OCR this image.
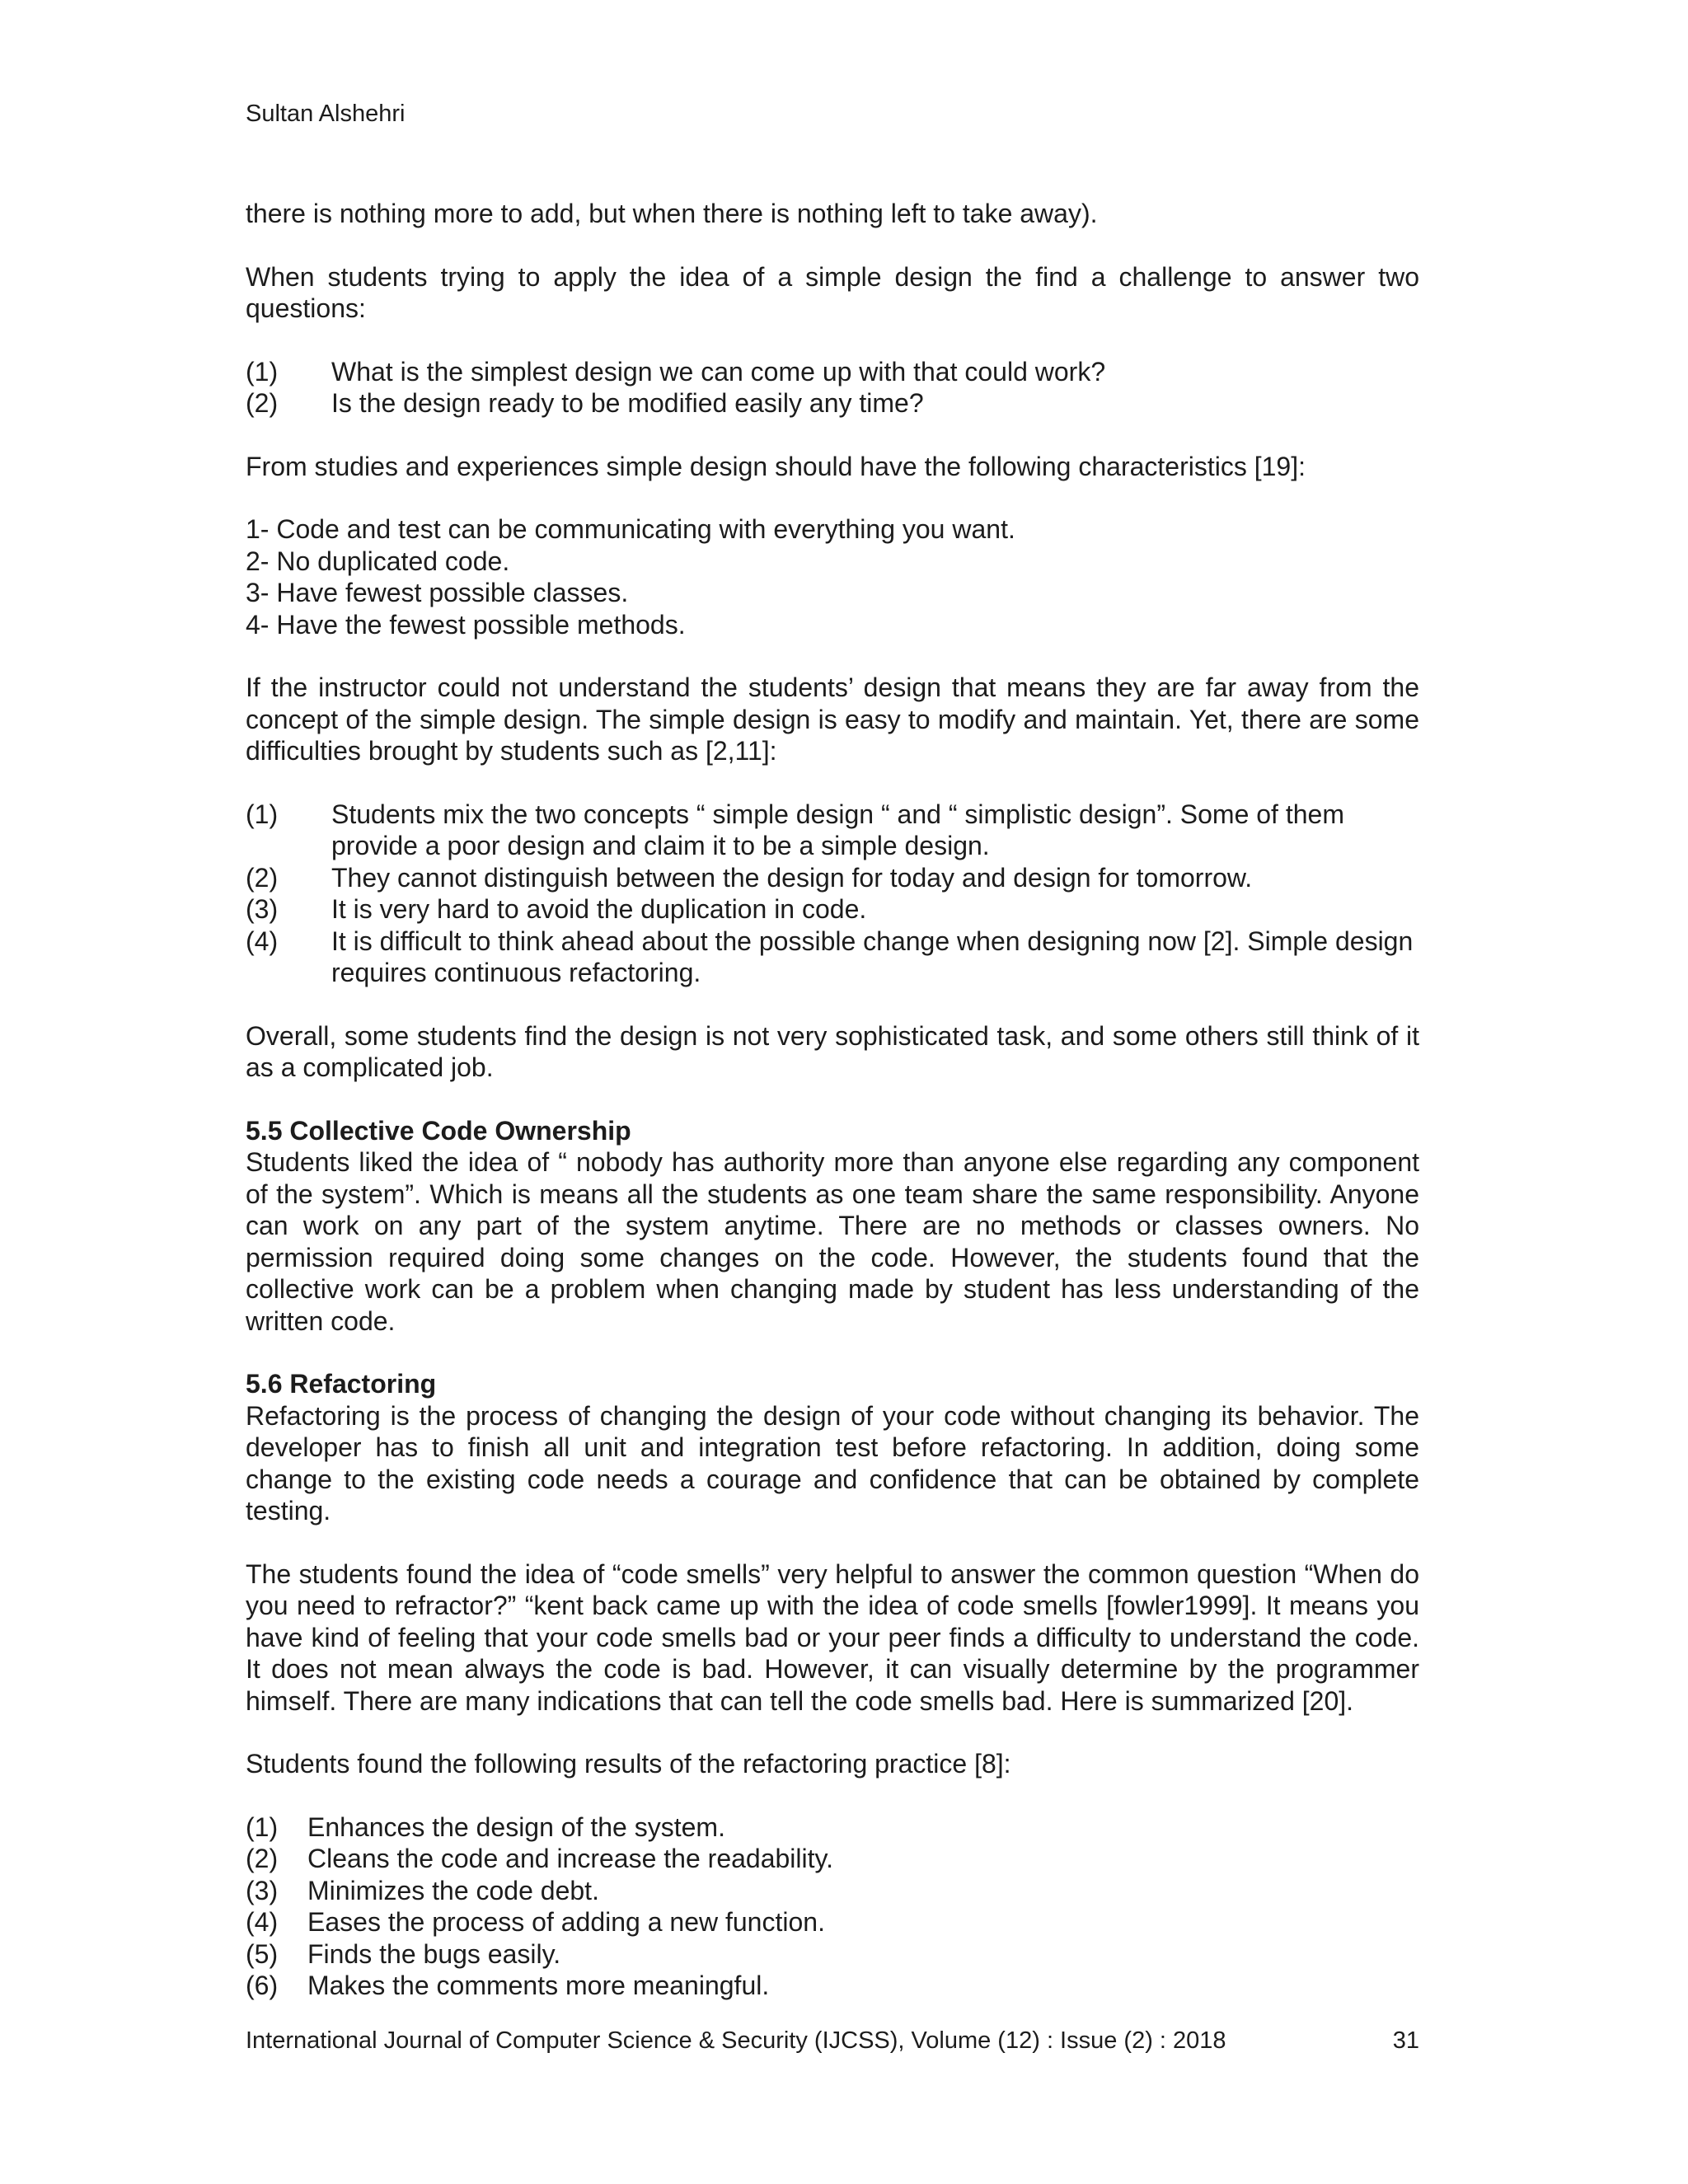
Sultan Alshehri

there is nothing more to add, but when there is nothing left to take away).

When students trying to apply the idea of a simple design the find a challenge to answer two questions:

(1)	What is the simplest design we can come up with that could work?
(2)	Is the design ready to be modified easily any time?

From studies and experiences simple design should have the following characteristics [19]:

1- Code and test can be communicating with everything you want.
2- No duplicated code.
3- Have fewest possible classes.
4- Have the fewest possible methods.

If the instructor could not understand the students’ design that means they are far away from the concept of the simple design. The simple design is easy to modify and maintain. Yet, there are some difficulties brought by students such as [2,11]:

(1)	Students mix the two concepts “ simple design “ and “ simplistic design”. Some of them provide a poor design and claim it to be a simple design.
(2)	They cannot distinguish between the design for today and design for tomorrow.
(3)	It is very hard to avoid the duplication in code.
(4)	It is difficult to think ahead about the possible change when designing now [2]. Simple design requires continuous refactoring.

Overall, some students find the design is not very sophisticated task, and some others still think of it as a complicated job.

5.5 Collective Code Ownership

Students liked the idea of “ nobody has authority more than anyone else regarding any component of the system”. Which is means all the students as one team share the same responsibility. Anyone can work on any part of the system anytime. There are no methods or classes owners. No permission required doing some changes on the code. However, the students found that the collective work can be a problem when changing made by student has less understanding of the written code.

5.6 Refactoring

Refactoring is the process of changing the design of your code without changing its behavior. The developer has to finish all unit and integration test before refactoring. In addition, doing some change to the existing code needs a courage and confidence that can be obtained by complete testing.

The students found the idea of “code smells” very helpful to answer the common question “When do you need to refractor?” “kent back came up with the idea of code smells [fowler1999]. It means you have kind of feeling that your code smells bad or your peer finds a difficulty to understand the code. It does not mean always the code is bad. However, it can visually determine by the programmer himself. There are many indications that can tell the code smells bad. Here is summarized [20].

Students found the following results of the refactoring practice [8]:

(1)	Enhances the design of the system.
(2)	Cleans the code and increase the readability.
(3)	Minimizes the code debt.
(4)	Eases the process of adding a new function.
(5)	Finds the bugs easily.
(6)	Makes the comments more meaningful.
International Journal of Computer Science & Security (IJCSS), Volume (12) : Issue (2) : 2018	31
